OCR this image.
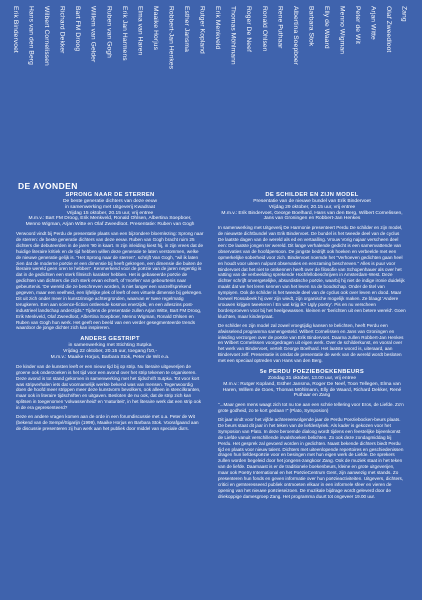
Erik Bindervoet Hans van den Berg Wilbert Cornelissen Richard Dekker Bart FM Droog Willem van Gelder Ruben van Gogh Erik Jan Harmens Elma van Haren Maaike Horjus Robbert-Jan Henkes Esther Jansma Rutger Kopland Erik Menkveld Thomas Möhlmann Roger De Neef Ronald Ohlsen Rene Puthaar Albertina Soepboer Barbara Stok Elly de Waard Menno Wigman Peter de Wit Arjan Witte Olaf Zweedloot Zang
DE AVONDEN
SPRONG NAAR DE STERREN
De beste generatie dichters van deze eeuw
in samenwerking met Uitgeverij Kwadraat
Vrijdag 15 oktober, 20.15 uur, vrij entree
M.m.v.: Bart FM Droog, Erik Menkveld, Ronald Ohlsen, Albertina Soepboer,
Menno Wigman, Arjan Witte en Olaf Zweedloot. Presentatie: Ruben van Gogh
Verwoord vindt bij Perdu de presentatie plaats van een bijzondere bloemlezing: Sprong naar de sterren: de beste generatie dichters van deze eeuw. Ruben van Gogh bracht ruim 25 dichters die debuteerden in de jaren '90 in kaart. In zijn inleiding kiest hij, in zijn vrees dat de huidige literaire kritiek en de tijd hebben willen deze generatie te laten verstommen, welke de nieuwe generatie gelijk is. "Het Sprong naar de sterren", schrijft Van Gogh, "wil ik laten zien dat de moderne poëzie er een dimensie bij heeft gekregen, een dimensie die buiten de literaire wereld geen oren te hebben". Kenmerkend voor de poëzie van de jaren negentig is dat in de gedichten een sterk filmisch karakter hebben. Het is gebaseerde poëzie de gedichten van dichters die zich sterk ervan echteft, of 'morfen' van gebeurtenis naar gebeurtenis. 'De wereld die ze beschreven worden, is niet langer een vanzelfsprekend gegeven, maar een veelheid, een lijfelijke plek of leeft of een virtuele dimensie bij gekregen. Dit uit zich onder meer in kunstzinnige achtergronden, waarvan er twee regelmatig terugkeren. Een aan science-fiction ontleende kosmos enerzijds, en een alleszins post-industrieel landschap anderzijds." Tijdens de presentatie zullen Arjan Witte, Bart FM Droog, Erik Menkveld, Olaf Zweedloot, Albertina Soepboer, Menno Wigman, Ronald Ohlsen en Ruben van Gogh hun werk. Het geeft een beeld van een verder gesegmenteerde trends waardoor de jonge dichter zich kan inspireren.
ANDERS GESTRIPT
in samenwerking met Stichting Sutpka
Vrijdag 22 oktober, 20.15 uur, toegang f10,-
M.m.v.: Maaike Horjus, Barbara Stok, Peter de Wit e.a.
De kinder van de kunsten leeft er een nieuw tijd bij op strip. Nu literaire uitgeverijen de groene ook onderzoeken is het tijd voor een avond over het strip tekenen te organiseren. Deze avond is tot stand gekomen in samenwerking met het tijdschrift Sutpka. Tot voor kort was stripverhalen iets dat voornamelijk werkte bekend was van mensen. Tegenwoordig doen de hoofd meer strippen meer deze kunstvorm bevolkers, ook alleen in stencilkranten, maar ook in literaire tijdschriften en uitgaven. Besloten de nu ook, dat de strip zich kan splitsen in toegenomen 'volwassenheid' en 'maturiteit', in het literaire werk dat een strip ook in de era gepresenteerd?
Deze en andere vragen komen aan de orde in een forumdiscussie met o.a. Peter de Wit (bekend van de Sempé/Sigarijn (1999), Maaike Horjus en Barbara Stok. Voorafgaand aan de discussie presenteren zij hun werk aan het publiek door middel van speciale dia's.
DE SCHILDER EN ZIJN MODEL
Presentatie van de nieuwe bundel van Erik Bindervoet
Vrijdag 29 oktober, 20.15 uur, vrij entree
M.m.v.: Erik Bindervoet, George Boelhard, Hans van den Berg, Wilbert Cornelissen, Jans van Groningen en Robbert-Jan Henkes
In samenwerking met Uitgeverij De Harmonie presenteert Perdu De schilder en zijn model, de nieuwste dichtbundel van Erik Bindervoet. De bundel is het tweede deel van de cyclus De laatste dagen van de wereld als ed en vertaalling. Vrouw Vorig najaar verscheen deel een: De laatste jongen ter wereld. Dit lange verhalende gedicht is een samenvattende van observaties van de hoofdpersoon. De jongste bedrijft ook hoeken en verbeelde met een opmerkelijke soberheid voor zich. Bindervoet noemde het "Verhoeven gedichten gaan heel en houdt voor uiteen nulpunt observaties en eenzaming beschreven." Alles is puur voor Bindervoet dat het niet te ontkennen heeft over de filosofie van Schopenhauer als over het vatting van de verbeelding sprekende Hochfellobeschrijven in Amsterdam-West. Deze dichter schrijft onvergetelijke, absurdistische poëzie, waarbij hij niet de indige ironie duidelijk maakt dat we het leren kennen van het leven na de boodschap. Onder de titel van sympiyen. Ook de schilder is het tweede deel van de cyclus ook over leven en dood. Maar hoewel Rossabeek hij over zijn wiedt, zijn organische mogelijk maken. Ze blaagt 'Andere vrouwen krijgen tweeteren / En wat krijg ik? Ugly poetry'. Pis en nu verscheen bordenproeven voor bij het heelgewassen. kleinen er 'berichten uit een betere wereld'. Goen kluchten, maar kinderpraat.
De schilder en zijn model zal zowel vroegtijdig kansen te belichten, heeft Perdu een afwisselend programma samengesteld. Wilbert Cornelissen en Jans van Groningen en inleiding verzorgen over de poëzie van Erik Bindervoet. Daarna zullen Robbert-Jan Henkes en Wilbert Cornelissen voorgedragen uit eigen werk. Over de schilderkunst, en vooral over het werk van Bindervoet, vertelt George Boelhard. Het laatste woord is, uiteraard, aan Bindervoet zelf. Presentatie is omdat de presentatie de werk van de wereld wordt besloten met een speciaal optreden van Hans van den Berg.
5e PERDU POEZIEBOEKENBEURS
Zondag 31 oktober, 13.00 uur, vrij entree
M.m.v.: Rutger Kopland, Esther Jansma, Roger De Neef, Toon Tellegen, Elma van Haren, Willem de Goes, Thomas Möhlmann, Elly de Waard, Richard Dekker, René Puthaar en Zang
"...Maar geen mens waagt zich tot nu toe aan een schrie tellering voor Eros, de Liefde. Zo'n grote godheid, zo te kort gedaan !" (Plato, Symposion)
Dit jaar vindt voor het vijfde achtereenvolgende jaar de Perdu Poeziebocken-beurs plaats. De beurs staat dit jaar in het teken van de liefdeslyriek. Als kader is gekozen voor het Symposion van Plato. In deze beroemde dialoog wordt tijdens een feestelijke bijeenkomst de Liefde vanuit verschillende invalshoeken belichten. Zo ook deze zondagmiddag bij Perdu. Het gesprek zal gevoerd worden in gedichten. Naast bekende dichters biedt Perdu tijd en plaats voor nieuw talent. Dichters met uiteenlopende repertoires en geschiedenissen dragen hun liefdespoëzie voor en besingen met hun eigen werk de Liefde. De sprekers zullen worden begeleid door het jongens-zangkoor Zang. Ook de muziek staat in het teken van de liefde. Daarnaast is er de traditionele boekenbeurs, kleine en grote uitgeverijen, maar ook Poetry International en het PoëzieCentrum Gent, zijn aanwezig met stands. Zo presenteren hun fonds en geven informatie over hun poëzieactiviteiten. Uitgevers, dichters, critici en geïnteresseerd publiek ontmoeten elkaar in een informele sfeer en vieren de opening van het nieuwe poëzieseizoen. De muzikale bijdrage wordt geleverd door de driekoppige damesgroep Zang. Het programma duurt tot ongeveer 19.00 uur.
